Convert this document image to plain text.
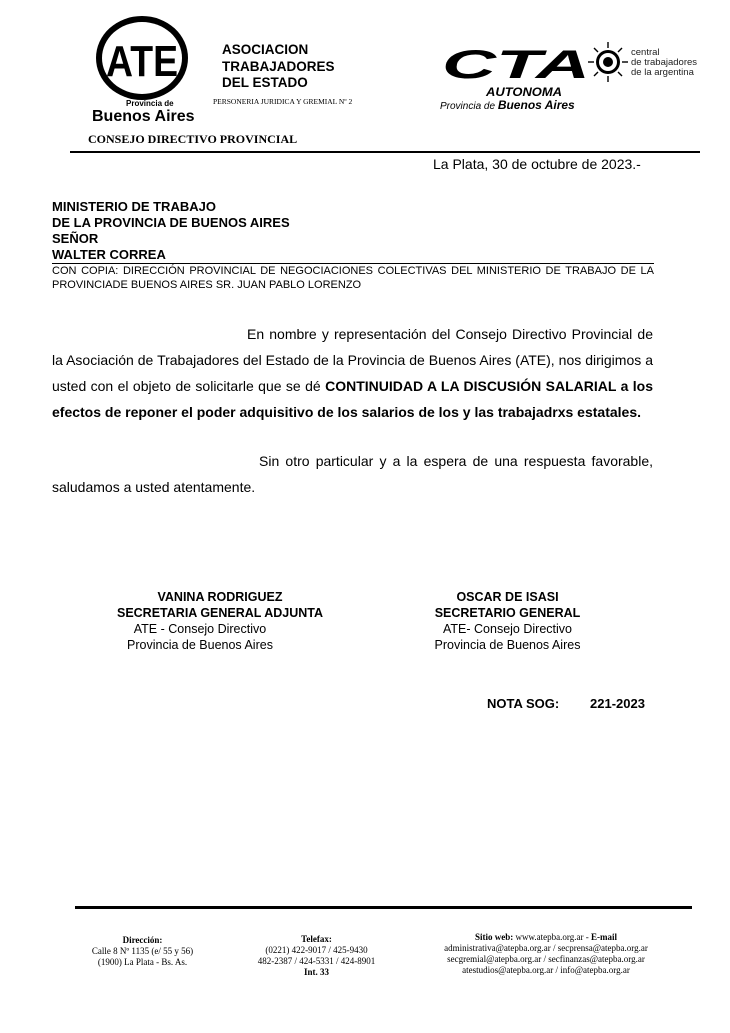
ATE
Provincia de
Buenos Aires
ASOCIACION
TRABAJADORES
DEL ESTADO
PERSONERIA JURIDICA Y GREMIAL Nº 2
CTA
AUTONOMA
Provincia de Buenos Aires
central
de trabajadores
de la argentina
CONSEJO DIRECTIVO PROVINCIAL
La Plata, 30 de octubre de 2023.-
MINISTERIO DE TRABAJO
DE LA PROVINCIA DE BUENOS AIRES
SEÑOR
WALTER CORREA
CON COPIA: DIRECCIÓN PROVINCIAL DE NEGOCIACIONES COLECTIVAS DEL MINISTERIO DE TRABAJO DE LA PROVINCIADE BUENOS AIRES SR. JUAN PABLO LORENZO
En nombre y representación del Consejo Directivo Provincial de la Asociación de Trabajadores del Estado de la Provincia de Buenos Aires (ATE), nos dirigimos a usted con el objeto de solicitarle que se dé CONTINUIDAD A LA DISCUSIÓN SALARIAL a los efectos de reponer el poder adquisitivo de los salarios de los y las trabajadrxs estatales.
Sin otro particular y a la espera de una respuesta favorable, saludamos a usted atentamente.
VANINA RODRIGUEZ
SECRETARIA GENERAL ADJUNTA
ATE - Consejo Directivo
Provincia de Buenos Aires
OSCAR DE ISASI
SECRETARIO GENERAL
ATE- Consejo Directivo
Provincia de Buenos Aires
NOTA SOG: 221-2023
Dirección:
Calle 8 Nº 1135 (e/ 55 y 56)
(1900) La Plata - Bs. As.
Telefax:
(0221) 422-9017 / 425-9430
482-2387 / 424-5331 / 424-8901
Int. 33
Sitio web: www.atepba.org.ar - E-mail
administrativa@atepba.org.ar / secprensa@atepba.org.ar
secgremial@atepba.org.ar / secfinanzas@atepba.org.ar
atestudios@atepba.org.ar / info@atepba.org.ar
